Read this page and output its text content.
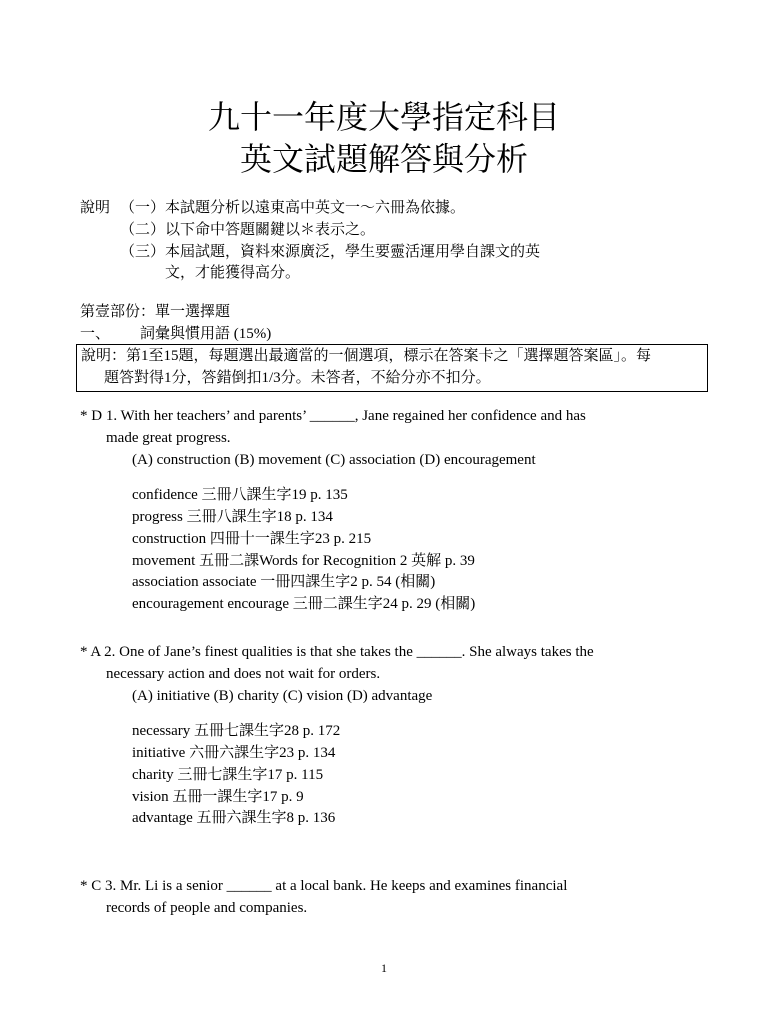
九十一年度大學指定科目
英文試題解答與分析
說明 （一）本試題分析以遠東高中英文一～六冊為依據。
（二）以下命中答題關鍵以＊表示之。
（三）本屆試題，資料來源廣泛，學生要靈活運用學自課文的英
文，才能獲得高分。
第壹部份：單一選擇題
一、 詞彙與慣用語 (15%)
說明：第1至15題，每題選出最適當的一個選項，標示在答案卡之「選擇題答案區」。每
題答對得1分，答錯倒扣1/3分。未答者，不給分亦不扣分。
* D 1. With her teachers’ and parents’ ______, Jane regained her confidence and has
made great progress.
(A) construction (B) movement (C) association (D) encouragement
confidence 三冊八課生字19 p. 135
progress 三冊八課生字18 p. 134
construction 四冊十一課生字23 p. 215
movement 五冊二課Words for Recognition 2 英解 p. 39
association associate 一冊四課生字2 p. 54 (相關)
encouragement encourage 三冊二課生字24 p. 29 (相關)
* A 2. One of Jane’s finest qualities is that she takes the ______. She always takes the
necessary action and does not wait for orders.
(A) initiative (B) charity (C) vision (D) advantage
necessary 五冊七課生字28 p. 172
initiative 六冊六課生字23 p. 134
charity 三冊七課生字17 p. 115
vision 五冊一課生字17 p. 9
advantage 五冊六課生字8 p. 136
* C 3. Mr. Li is a senior ______ at a local bank. He keeps and examines financial
records of people and companies.
1
